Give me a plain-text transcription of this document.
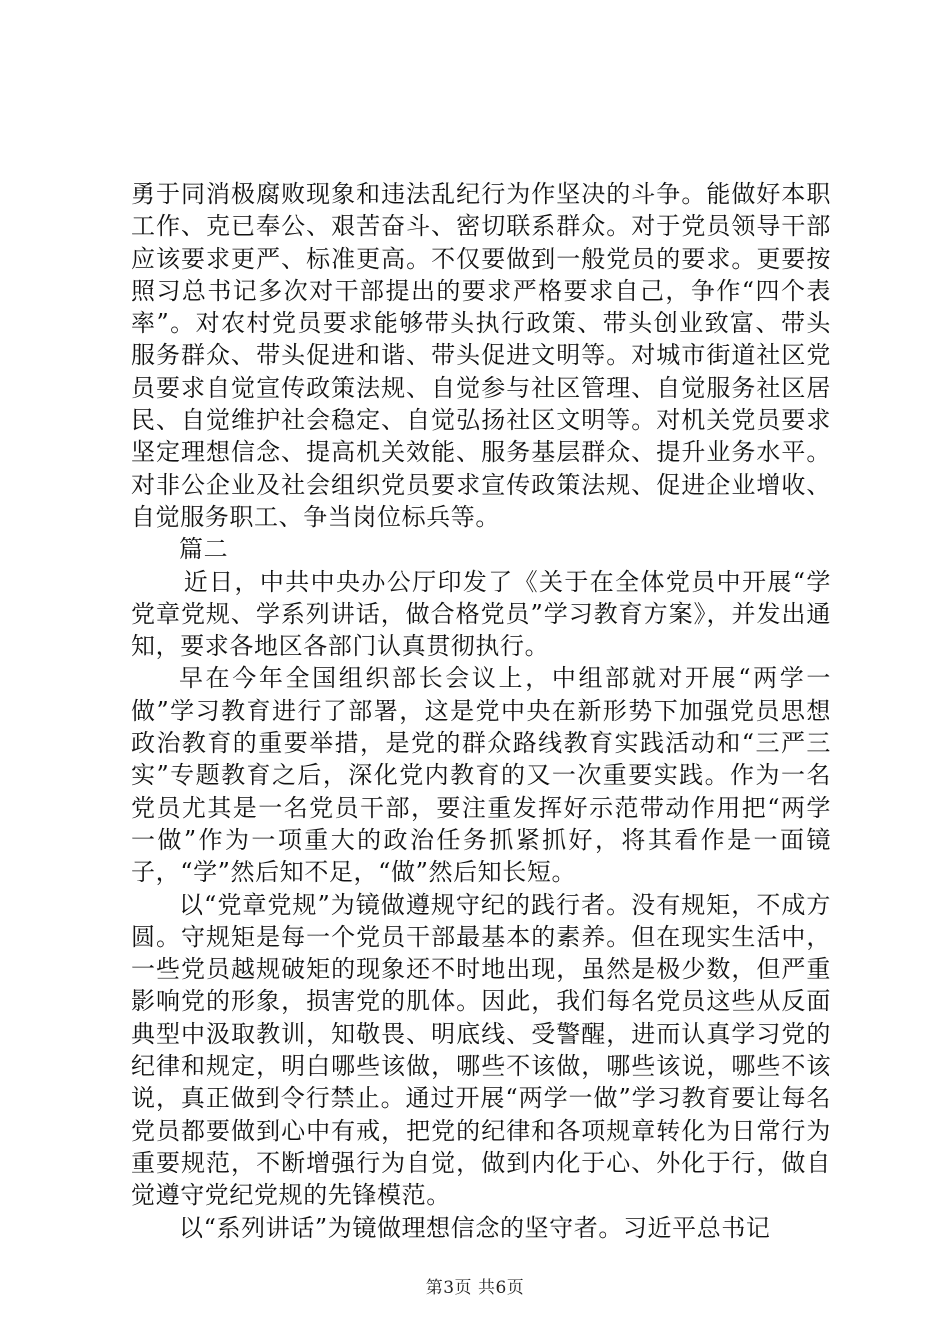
勇于同消极腐败现象和违法乱纪行为作坚决的斗争。能做好本职工作、克已奉公、艰苦奋斗、密切联系群众。对于党员领导干部应该要求更严、标准更高。不仅要做到一般党员的要求。更要按照习总书记多次对干部提出的要求严格要求自己，争作“四个表率”。对农村党员要求能够带头执行政策、带头创业致富、带头服务群众、带头促进和谐、带头促进文明等。对城市街道社区党员要求自觉宣传政策法规、自觉参与社区管理、自觉服务社区居民、自觉维护社会稳定、自觉弘扬社区文明等。对机关党员要求坚定理想信念、提高机关效能、服务基层群众、提升业务水平。对非公企业及社会组织党员要求宣传政策法规、促进企业增收、自觉服务职工、争当岗位标兵等。

篇二

近日，中共中央办公厅印发了《关于在全体党员中开展“学党章党规、学系列讲话，做合格党员”学习教育方案》，并发出通知，要求各地区各部门认真贯彻执行。

早在今年全国组织部长会议上，中组部就对开展“两学一做”学习教育进行了部署，这是党中央在新形势下加强党员思想政治教育的重要举措，是党的群众路线教育实践活动和“三严三实”专题教育之后，深化党内教育的又一次重要实践。作为一名党员尤其是一名党员干部，要注重发挥好示范带动作用把“两学一做”作为一项重大的政治任务抓紧抓好，将其看作是一面镜子，“学”然后知不足，“做”然后知长短。

以“党章党规”为镜做遵规守纪的践行者。没有规矩，不成方圆。守规矩是每一个党员干部最基本的素养。但在现实生活中，一些党员越规破矩的现象还不时地出现，虽然是极少数，但严重影响党的形象，损害党的肌体。因此，我们每名党员这些从反面典型中汲取教训，知敬畏、明底线、受警醒，进而认真学习党的纪律和规定，明白哪些该做，哪些不该做，哪些该说，哪些不该说，真正做到令行禁止。通过开展“两学一做”学习教育要让每名党员都要做到心中有戒，把党的纪律和各项规章转化为日常行为重要规范，不断增强行为自觉，做到内化于心、外化于行，做自觉遵守党纪党规的先锋模范。

以“系列讲话”为镜做理想信念的坚守者。习近平总书记

第3页 共6页
